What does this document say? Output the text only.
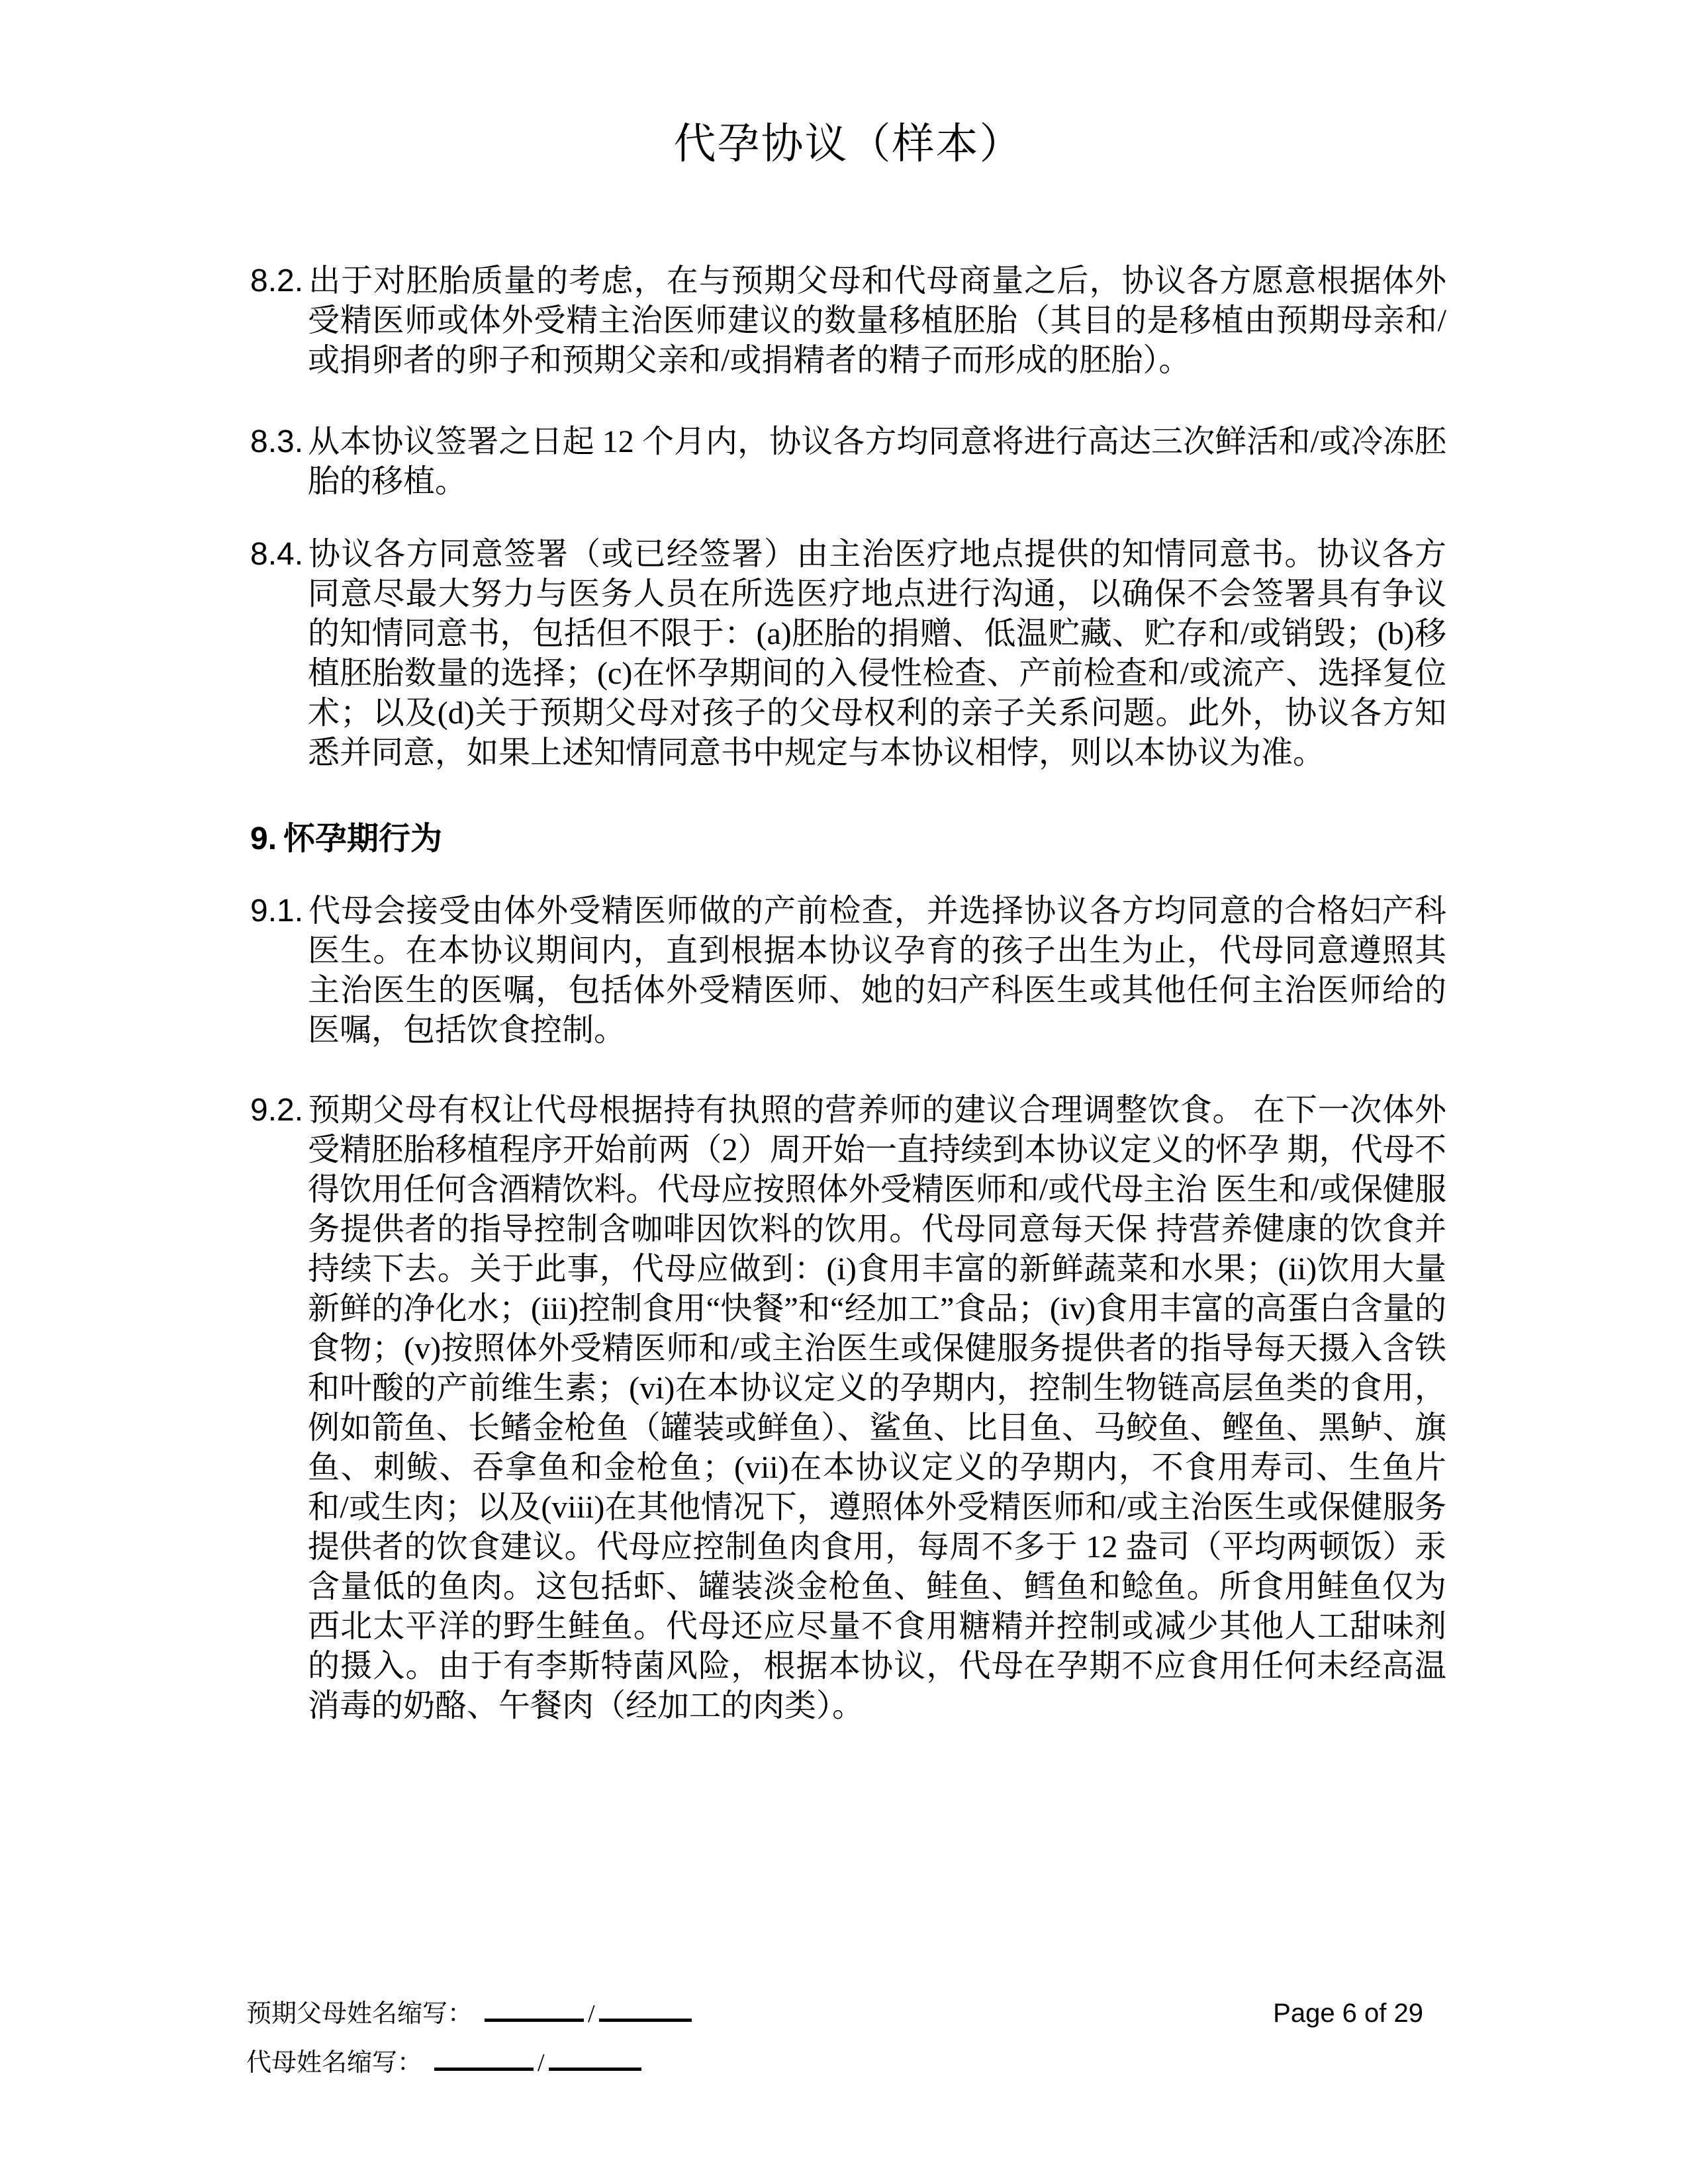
代孕协议（样本）

8.2. 出于对胚胎质量的考虑，在与预期父母和代母商量之后，协议各方愿意根据体外受精医师或体外受精主治医师建议的数量移植胚胎（其目的是移植由预期母亲和/或捐卵者的卵子和预期父亲和/或捐精者的精子而形成的胚胎）。

8.3. 从本协议签署之日起 12 个月内，协议各方均同意将进行高达三次鲜活和/或冷冻胚胎的移植。

8.4. 协议各方同意签署（或已经签署）由主治医疗地点提供的知情同意书。协议各方同意尽最大努力与医务人员在所选医疗地点进行沟通，以确保不会签署具有争议的知情同意书，包括但不限于：(a)胚胎的捐赠、低温贮藏、贮存和/或销毁；(b)移植胚胎数量的选择；(c)在怀孕期间的入侵性检查、产前检查和/或流产、选择复位术；以及(d)关于预期父母对孩子的父母权利的亲子关系问题。此外，协议各方知悉并同意，如果上述知情同意书中规定与本协议相悖，则以本协议为准。

9. 怀孕期行为

9.1. 代母会接受由体外受精医师做的产前检查，并选择协议各方均同意的合格妇产科医生。在本协议期间内，直到根据本协议孕育的孩子出生为止，代母同意遵照其主治医生的医嘱，包括体外受精医师、她的妇产科医生或其他任何主治医师给的医嘱，包括饮食控制。

9.2. 预期父母有权让代母根据持有执照的营养师的建议合理调整饮食。 在下一次体外受精胚胎移植程序开始前两（2）周开始一直持续到本协议定义的怀孕 期，代母不得饮用任何含酒精饮料。代母应按照体外受精医师和/或代母主治 医生和/或保健服务提供者的指导控制含咖啡因饮料的饮用。代母同意每天保 持营养健康的饮食并持续下去。关于此事，代母应做到：(i)食用丰富的新鲜蔬菜和水果；(ii)饮用大量新鲜的净化水；(iii)控制食用“快餐”和“经加工”食品；(iv)食用丰富的高蛋白含量的食物；(v)按照体外受精医师和/或主治医生或保健服务提供者的指导每天摄入含铁和叶酸的产前维生素；(vi)在本协议定义的孕期内，控制生物链高层鱼类的食用，例如箭鱼、长鳍金枪鱼（罐装或鲜鱼）、鲨鱼、比目鱼、马鲛鱼、鲣鱼、黑鲈、旗鱼、刺鲅、吞拿鱼和金枪鱼；(vii)在本协议定义的孕期内，不食用寿司、生鱼片和/或生肉；以及(viii)在其他情况下，遵照体外受精医师和/或主治医生或保健服务提供者的饮食建议。代母应控制鱼肉食用，每周不多于 12 盎司（平均两顿饭）汞含量低的鱼肉。这包括虾、罐装淡金枪鱼、鲑鱼、鳕鱼和鲶鱼。所食用鲑鱼仅为西北太平洋的野生鲑鱼。代母还应尽量不食用糖精并控制或减少其他人工甜味剂的摄入。由于有李斯特菌风险，根据本协议，代母在孕期不应食用任何未经高温消毒的奶酪、午餐肉（经加工的肉类）。

预期父母姓名缩写：	/
代母姓名缩写：	/
Page 6 of 29
